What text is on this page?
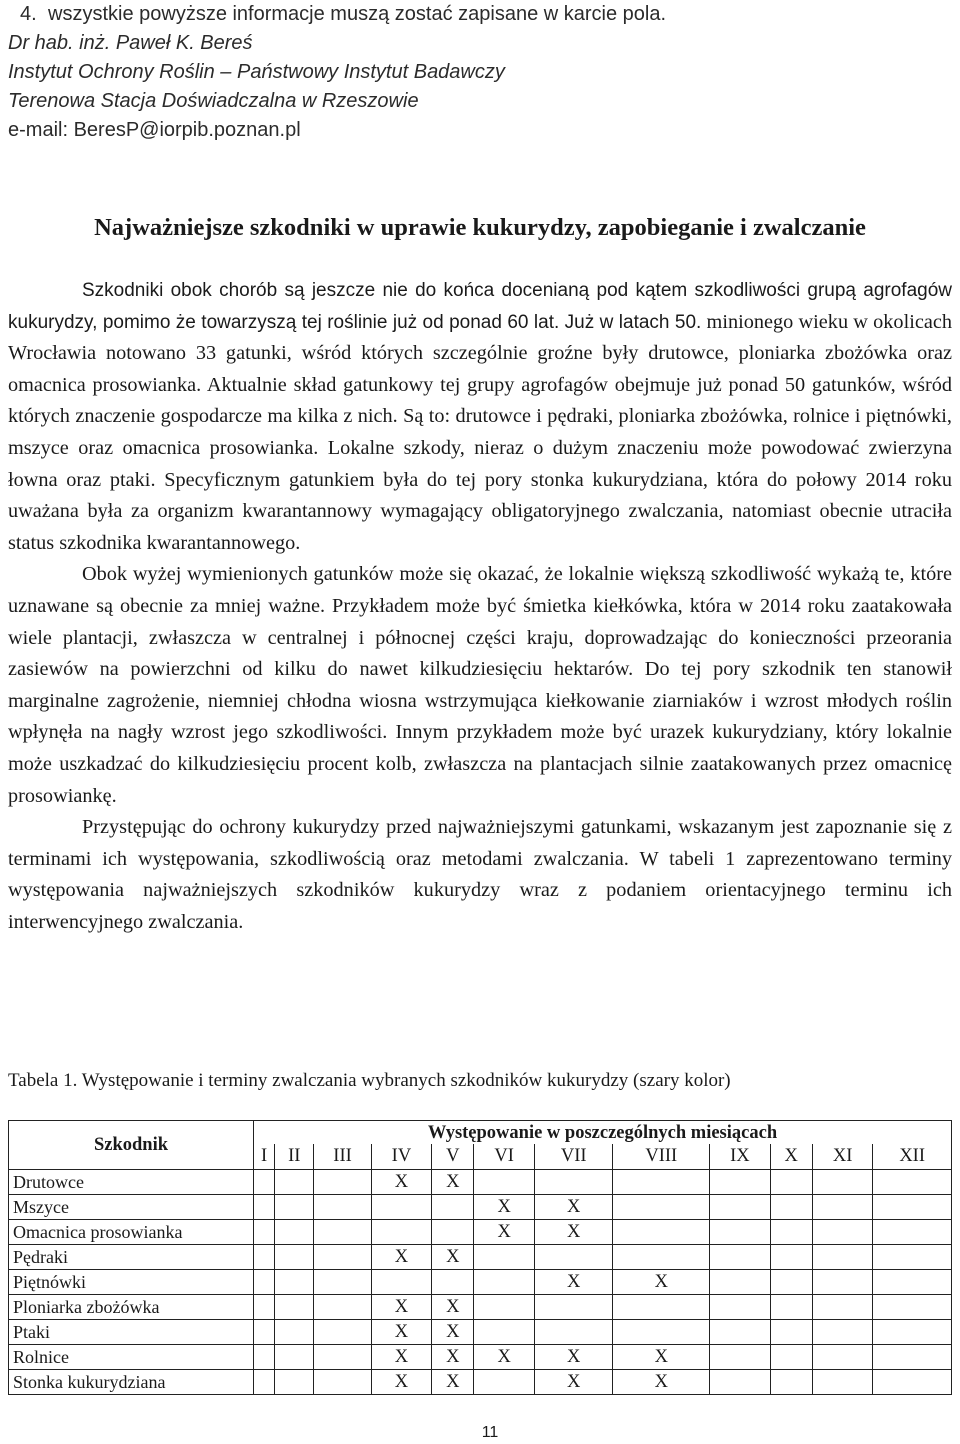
4. wszystkie powyższe informacje muszą zostać zapisane w karcie pola.
Dr hab. inż. Paweł K. Bereś
Instytut Ochrony Roślin – Państwowy Instytut Badawczy
Terenowa Stacja Doświadczalna w Rzeszowie
e-mail: BeresP@iorpib.poznan.pl
Najważniejsze szkodniki w uprawie kukurydzy, zapobieganie i zwalczanie

Szkodniki obok chorób są jeszcze nie do końca docenianą pod kątem szkodliwości grupą agrofagów kukurydzy, pomimo że towarzyszą tej roślinie już od ponad 60 lat. Już w latach 50. minionego wieku w okolicach Wrocławia notowano 33 gatunki, wśród których szczególnie groźne były drutowce, ploniarka zbożówka oraz omacnica prosowianka. Aktualnie skład gatunkowy tej grupy agrofagów obejmuje już ponad 50 gatunków, wśród których znaczenie gospodarcze ma kilka z nich. Są to: drutowce i pędraki, ploniarka zbożówka, rolnice i piętnówki, mszyce oraz omacnica prosowianka. Lokalne szkody, nieraz o dużym znaczeniu może powodować zwierzyna łowna oraz ptaki. Specyficznym gatunkiem była do tej pory stonka kukurydziana, która do połowy 2014 roku uważana była za organizm kwarantannowy wymagający obligatoryjnego zwalczania, natomiast obecnie utraciła status szkodnika kwarantannowego.

Obok wyżej wymienionych gatunków może się okazać, że lokalnie większą szkodliwość wykażą te, które uznawane są obecnie za mniej ważne. Przykładem może być śmietka kiełkówka, która w 2014 roku zaatakowała wiele plantacji, zwłaszcza w centralnej i północnej części kraju, doprowadzając do konieczności przeorania zasiewów na powierzchni od kilku do nawet kilkudziesięciu hektarów. Do tej pory szkodnik ten stanowił marginalne zagrożenie, niemniej chłodna wiosna wstrzymująca kiełkowanie ziarniaków i wzrost młodych roślin wpłynęła na nagły wzrost jego szkodliwości. Innym przykładem może być urazek kukurydziany, który lokalnie może uszkadzać do kilkudziesięciu procent kolb, zwłaszcza na plantacjach silnie zaatakowanych przez omacnicę prosowiankę.

Przystępując do ochrony kukurydzy przed najważniejszymi gatunkami, wskazanym jest zapoznanie się z terminami ich występowania, szkodliwością oraz metodami zwalczania. W tabeli 1 zaprezentowano terminy występowania najważniejszych szkodników kukurydzy wraz z podaniem orientacyjnego terminu ich interwencyjnego zwalczania.

Tabela 1. Występowanie i terminy zwalczania wybranych szkodników kukurydzy (szary kolor)
Szkodnik	Występowanie w poszczególnych miesiącach											
	I	II	III	IV	V	VI	VII	VIII	IX	X	XI	XII
Drutowce				X	X							
Mszyce						X	X					
Omacnica prosowianka						X	X					
Pędraki				X	X							
Piętnówki							X	X				
Ploniarka zbożówka				X	X							
Ptaki				X	X							
Rolnice				X	X	X	X	X				
Stonka kukurydziana				X	X		X	X				
11
